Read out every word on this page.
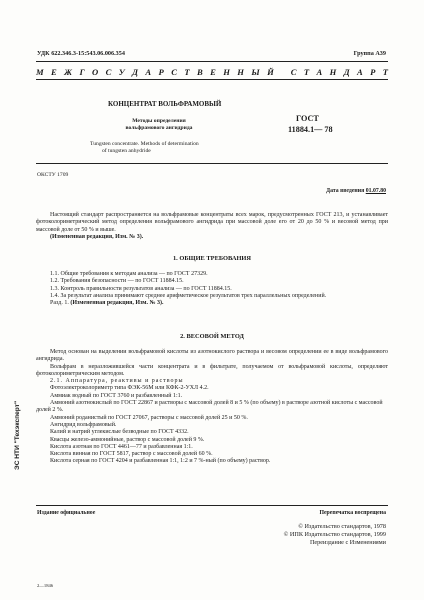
УДК 622.346.3-15:543.06.006.354	Группа А39
М Е Ж Г О С У Д А Р С Т В Е Н Н Ы Й
С Т А Н Д А Р Т
КОНЦЕНТРАТ ВОЛЬФРАМОВЫЙ
Методы определения вольфрамового ангидрида
ГОСТ
11884.1— 78
Tungsten concentrate. Methods of determination
of tungsten anhydride
ОКСТУ 1709
Дата введения 01.07.80

Настоящий стандарт распространяется на вольфрамовые концентраты всех марок, предусмотренных ГОСТ 213, и устанавливает фотоколориметрический метод определения вольфрамового ангидрида при массовой доле его от 20 до 50 % и весовой метод при массовой доле от 50 % и выше.

(Измененная редакция, Изм. № 3).

1. ОБЩИЕ ТРЕБОВАНИЯ

1.1. Общие требования к методам анализа — по ГОСТ 27329.

1.2. Требования безопасности — по ГОСТ 11884.15.

1.3. Контроль правильности результатов анализа — по ГОСТ 11884.15.

1.4. За результат анализа принимают среднее арифметическое результатов трех параллельных определений.

Разд. 1. (Измененная редакция, Изм. № 3).

2. ВЕСОВОЙ МЕТОД

Метод основан на выделении вольфрамовой кислоты из азотнокислого раствора и весовом определении ее в виде вольфрамового ангидрида.

Вольфрам в неразложившейся части концентрата и в фильтрате, получаемом от вольфрамовой кислоты, определяют фотоколориметрическим методом.

2.1. Аппаратура, реактивы и растворы

Фотоэлектроколориметр типа ФЭК-56М или КФК-2-УХЛ 4.2.

Аммиак водный по ГОСТ 3760 и разбавленный 1:1.

Аммоний азотнокислый по ГОСТ 22867 и растворы с массовой долей 8 и 5 % (по объему) в растворе азотной кислоты с массовой долей 2 %.

Аммоний роданистый по ГОСТ 27067, растворы с массовой долей 25 и 50 %.

Ангидрид вольфрамовый.

Калий и натрий углекислые безводные по ГОСТ 4332.

Квасцы железо-аммонийные, раствор с массовой долей 9 %.

Кислота азотная по ГОСТ 4461—77 и разбавленная 1:1.

Кислота винная по ГОСТ 5817, раствор с массовой долей 60 %.

Кислота серная по ГОСТ 4204 и разбавленная 1:1, 1:2 и 7 %-ный (по объему) раствор.

Издание официальное	Перепечатка воспрещена
© Издательство стандартов, 1978
© ИПК Издательство стандартов, 1999
Переиздание с Изменениями
ЭС НТИ "Техэксперт"
2—1846
